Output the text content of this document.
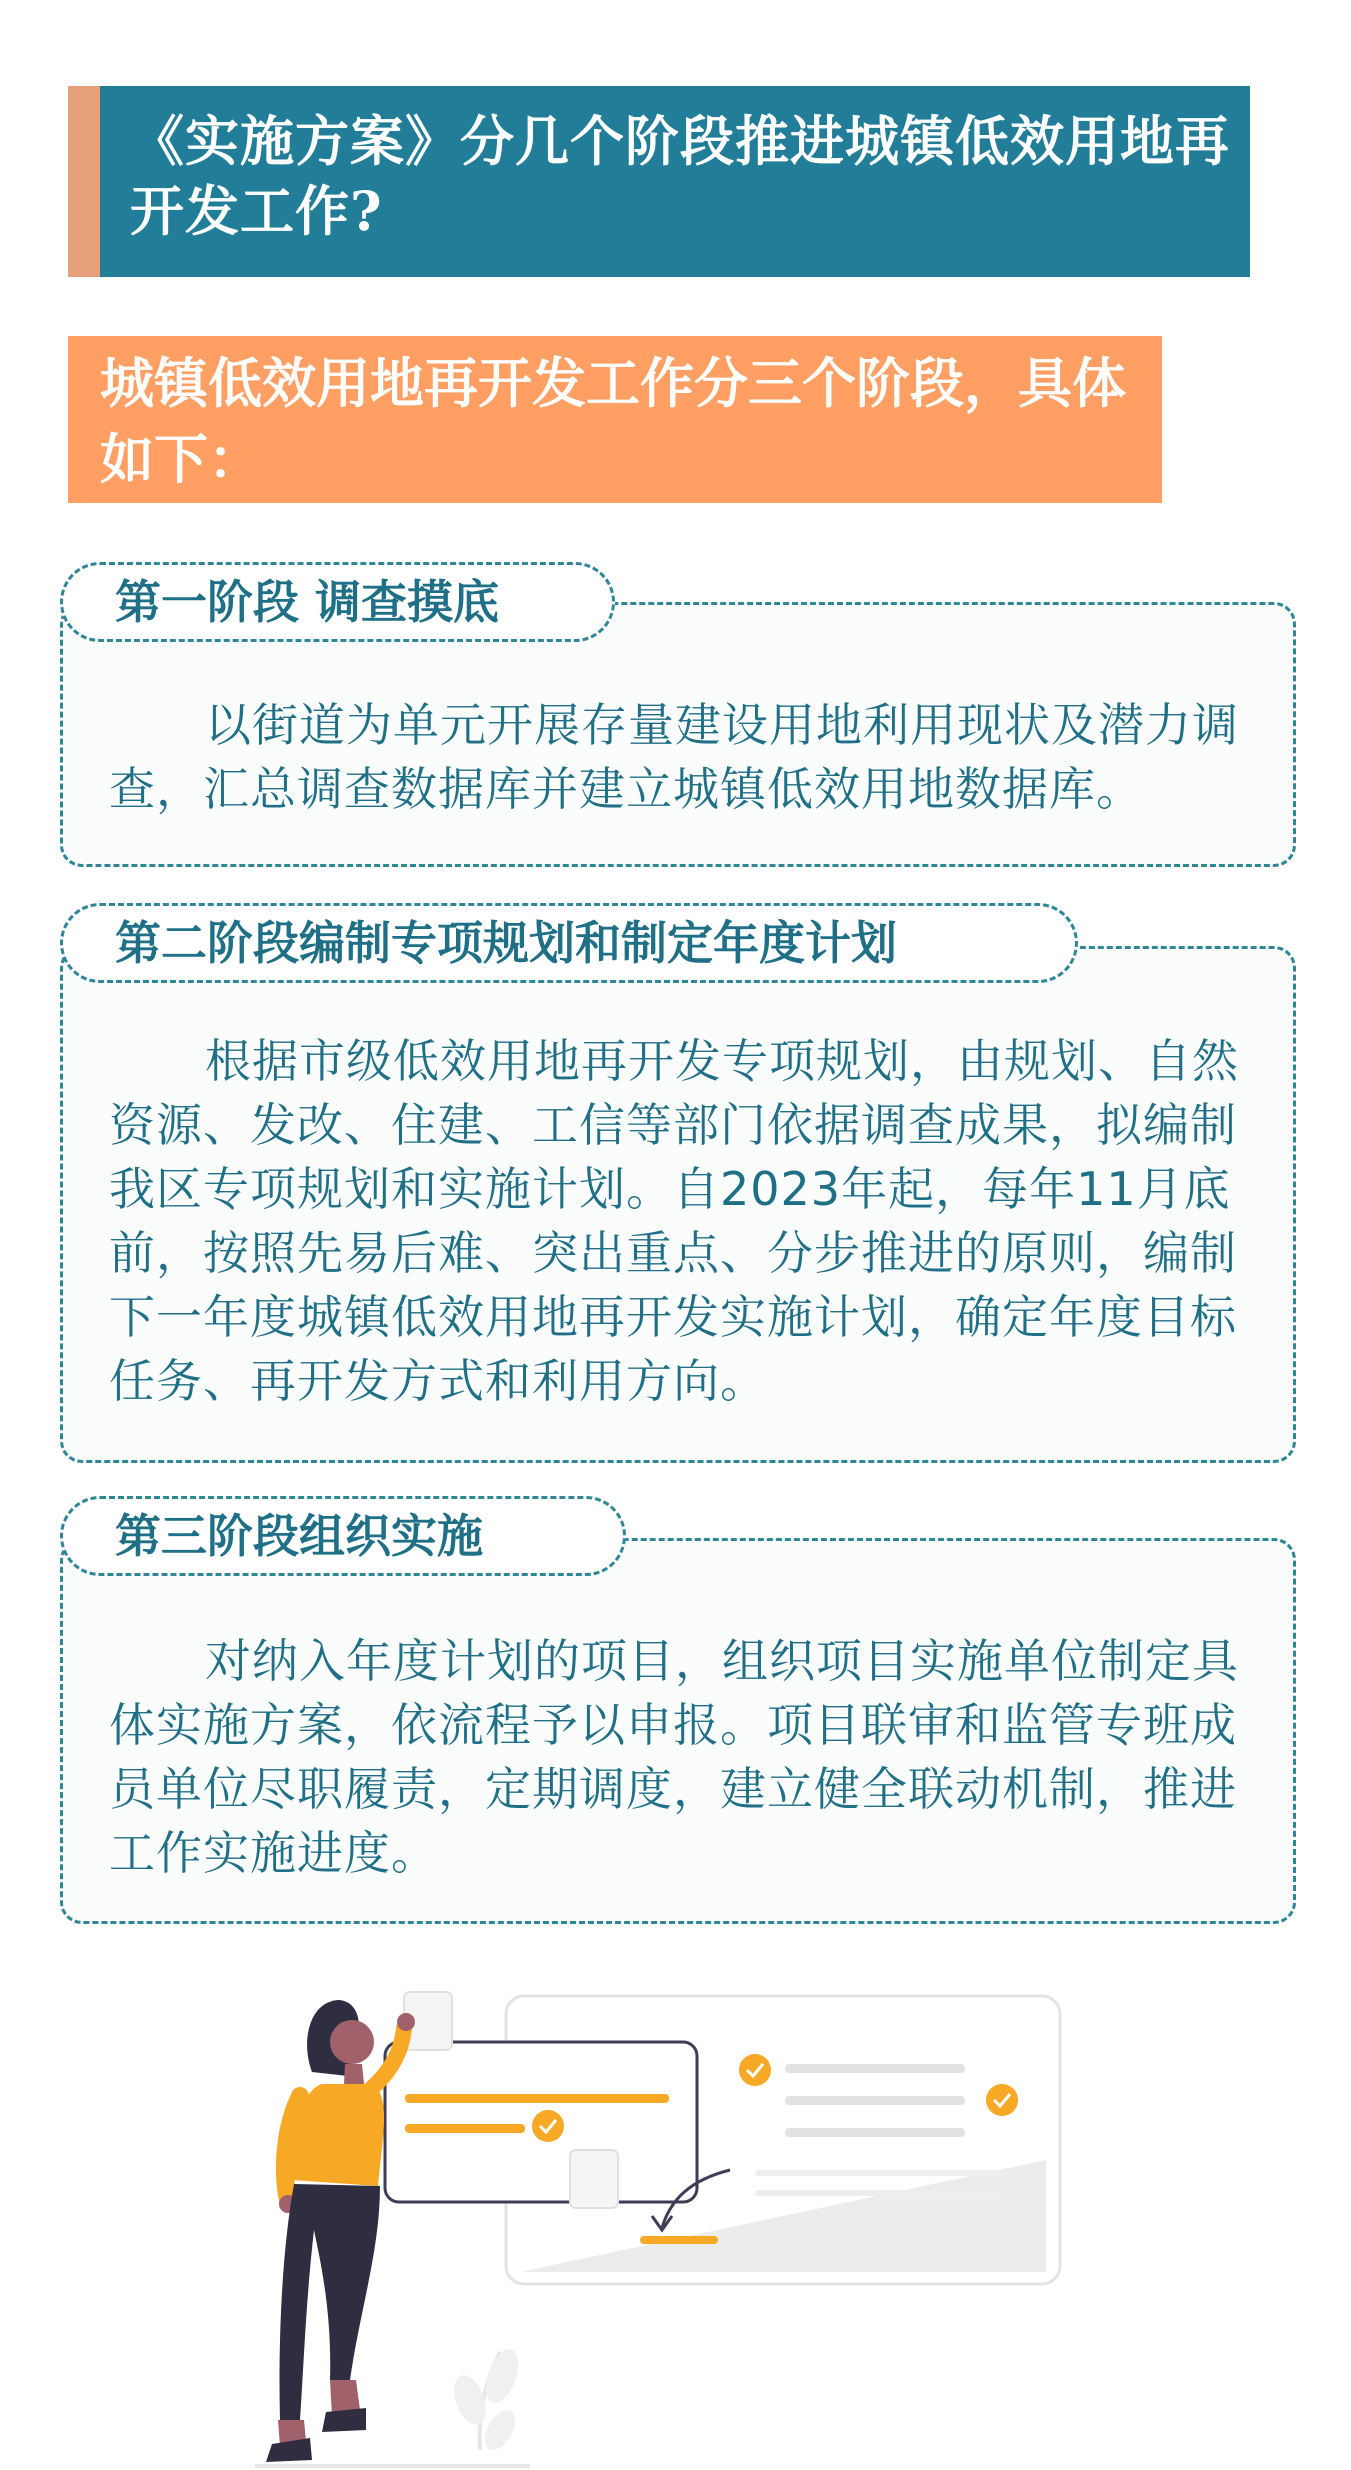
《实施方案》分几个阶段推进城镇低效用地再开发工作?
城镇低效用地再开发工作分三个阶段，具体如下：
以街道为单元开展存量建设用地利用现状及潜力调查，汇总调查数据库并建立城镇低效用地数据库。
第一阶段 调查摸底
根据市级低效用地再开发专项规划，由规划、自然资源、发改、住建、工信等部门依据调查成果，拟编制我区专项规划和实施计划。自2023年起，每年11月底前，按照先易后难、突出重点、分步推进的原则，编制下一年度城镇低效用地再开发实施计划，确定年度目标任务、再开发方式和利用方向。
第二阶段编制专项规划和制定年度计划
对纳入年度计划的项目，组织项目实施单位制定具体实施方案，依流程予以申报。项目联审和监管专班成员单位尽职履责，定期调度，建立健全联动机制，推进工作实施进度。
第三阶段组织实施
